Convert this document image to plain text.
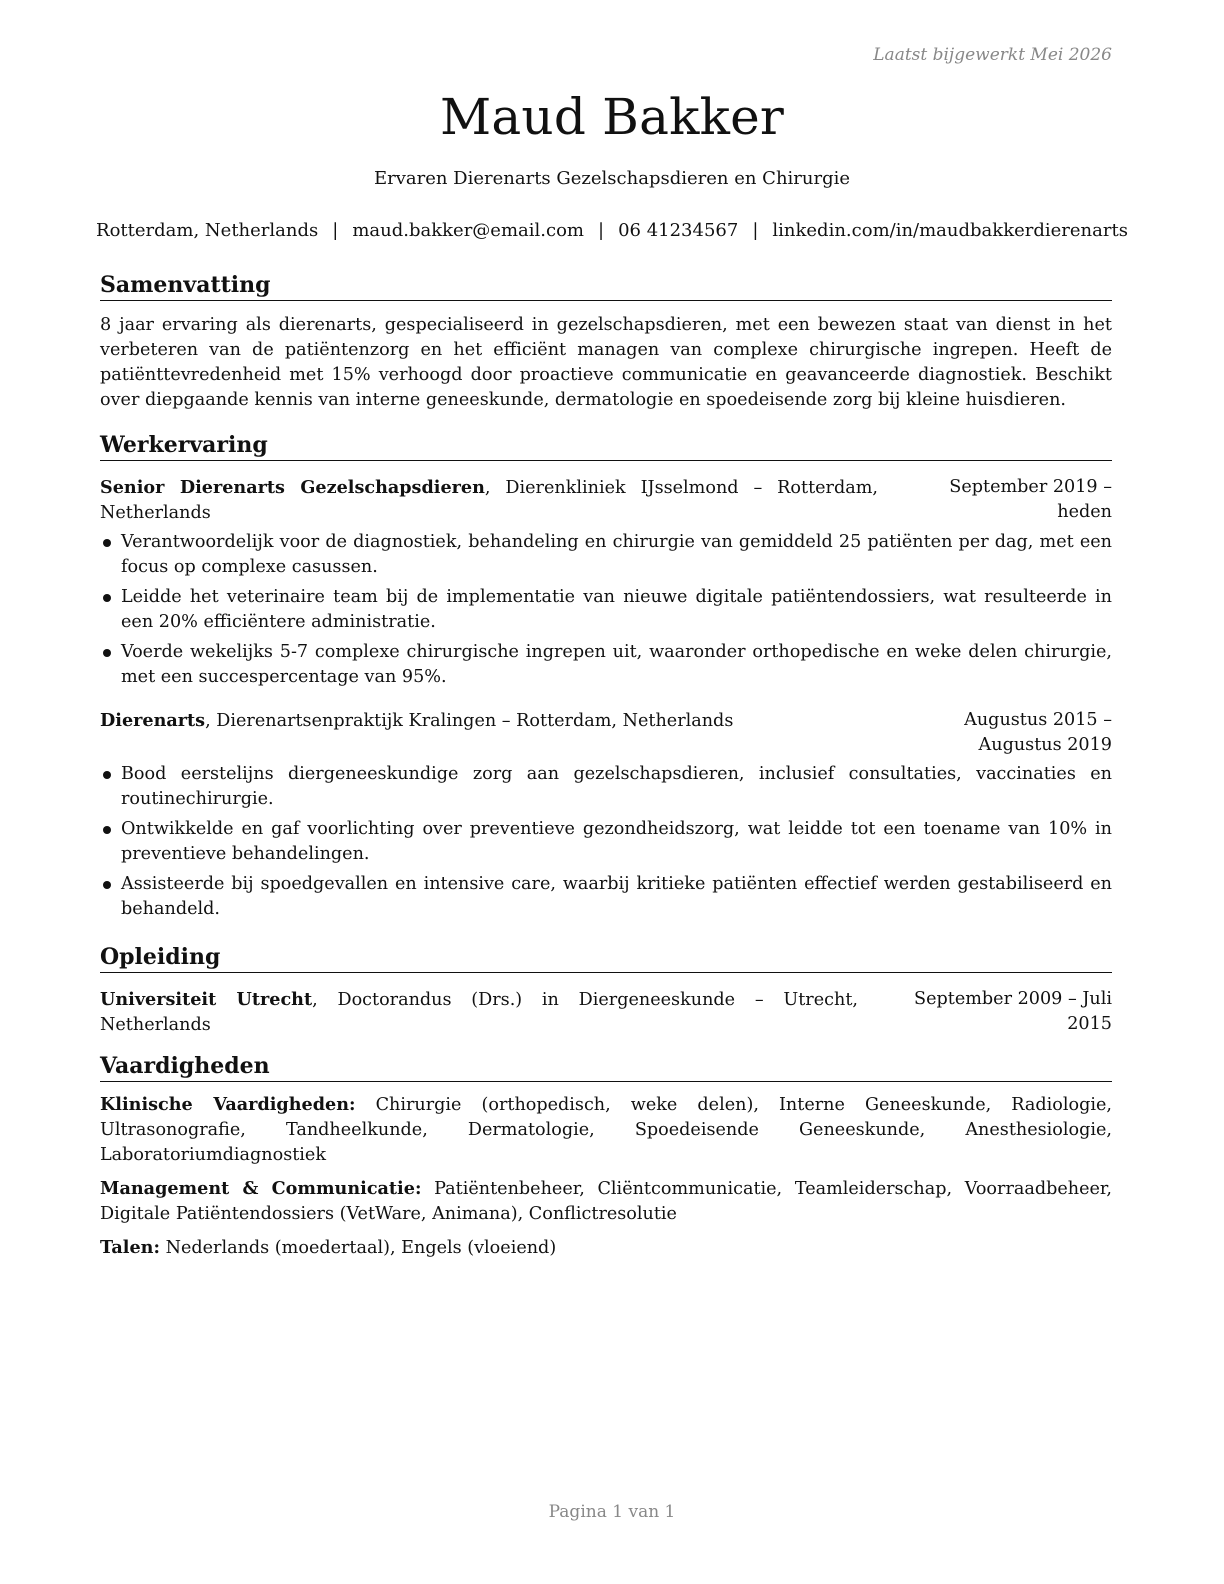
Laatst bijgewerkt Mei 2026
Maud Bakker
Ervaren Dierenarts Gezelschapsdieren en Chirurgie
Rotterdam, Netherlands | maud.bakker@email.com | 06 41234567 | linkedin.com/in/maudbakkerdierenarts
Samenvatting

8 jaar ervaring als dierenarts, gespecialiseerd in gezelschapsdieren, met een bewezen staat van dienst in het verbeteren van de patiëntenzorg en het efficiënt managen van complexe chirurgische ingrepen. Heeft de patiënttevredenheid met 15% verhoogd door proactieve communicatie en geavanceerde diagnostiek. Beschikt over diepgaande kennis van interne geneeskunde, dermatologie en spoedeisende zorg bij kleine huisdieren.

Werkervaring
Senior Dierenarts Gezelschapsdieren, Dierenkliniek IJsselmond – Rotterdam, Netherlands
September 2019 – heden
Verantwoordelijk voor de diagnostiek, behandeling en chirurgie van gemiddeld 25 patiënten per dag, met een focus op complexe casussen.
Leidde het veterinaire team bij de implementatie van nieuwe digitale patiëntendossiers, wat resulteerde in een 20% efficiëntere administratie.
Voerde wekelijks 5-7 complexe chirurgische ingrepen uit, waaronder orthopedische en weke delen chirurgie, met een succespercentage van 95%.
Dierenarts, Dierenartsenpraktijk Kralingen – Rotterdam, Netherlands	Augustus 2015 – Augustus 2019
Bood eerstelijns diergeneeskundige zorg aan gezelschapsdieren, inclusief consultaties, vaccinaties en routinechirurgie.
Ontwikkelde en gaf voorlichting over preventieve gezondheidszorg, wat leidde tot een toename van 10% in preventieve behandelingen.
Assisteerde bij spoedgevallen en intensive care, waarbij kritieke patiënten effectief werden gestabiliseerd en behandeld.
Opleiding
Universiteit Utrecht, Doctorandus (Drs.) in Diergeneeskunde – Utrecht, Netherlands
September 2009 – Juli 2015
Vaardigheden

Klinische Vaardigheden: Chirurgie (orthopedisch, weke delen), Interne Geneeskunde, Radiologie, Ultrasonografie, Tandheelkunde, Dermatologie, Spoedeisende Geneeskunde, Anesthesiologie, Laboratoriumdiagnostiek

Management & Communicatie: Patiëntenbeheer, Cliëntcommunicatie, Teamleiderschap, Voorraadbeheer, Digitale Patiëntendossiers (VetWare, Animana), Conflictresolutie

Talen: Nederlands (moedertaal), Engels (vloeiend)

Pagina 1 van 1
